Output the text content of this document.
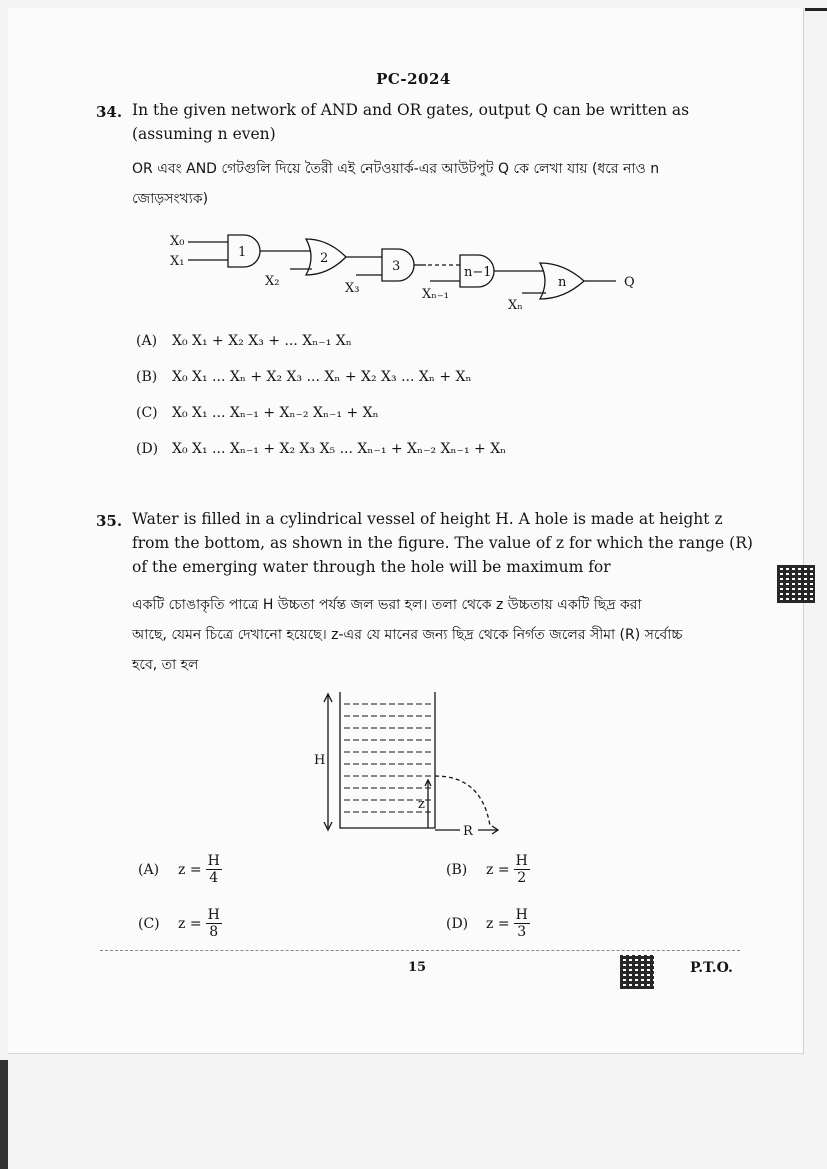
PC-2024
34. In the given network of AND and OR gates, output Q can be written as
(assuming n even)
OR এবং AND গেটগুলি দিয়ে তৈরী এই নেটওয়ার্ক-এর আউটপুট Q কে লেখা যায় (ধরে নাও n
জোড়সংখ্যক)
X₀
X₁
1
X₂
2
X₃
3
Xₙ₋₁
n−1
Xₙ
n	Q
(A) X₀ X₁ + X₂ X₃ + ... Xₙ₋₁ Xₙ
(B) X₀ X₁ ... Xₙ + X₂ X₃ ... Xₙ + X₂ X₃ ... Xₙ + Xₙ
(C) X₀ X₁ ... Xₙ₋₁ + Xₙ₋₂ Xₙ₋₁ + Xₙ
(D) X₀ X₁ ... Xₙ₋₁ + X₂ X₃ X₅ ... Xₙ₋₁ + Xₙ₋₂ Xₙ₋₁ + Xₙ
35. Water is filled in a cylindrical vessel of height H. A hole is made at height z
from the bottom, as shown in the figure. The value of z for which the range (R)
of the emerging water through the hole will be maximum for
একটি চোঙাকৃতি পাত্রে H উচ্চতা পর্যন্ত জল ভরা হল। তলা থেকে z উচ্চতায় একটি ছিদ্র করা
আছে, যেমন চিত্রে দেখানো হয়েছে। z-এর যে মানের জন্য ছিদ্র থেকে নির্গত জলের সীমা (R) সর্বোচ্চ
হবে, তা হল
H
z
R
(A)	$z = \frac{H}{4}$	(B)	$z = \frac{H}{2}$
(C)	$z = \frac{H}{8}$	(D)	$z = \frac{H}{3}$
15	P.T.O.
